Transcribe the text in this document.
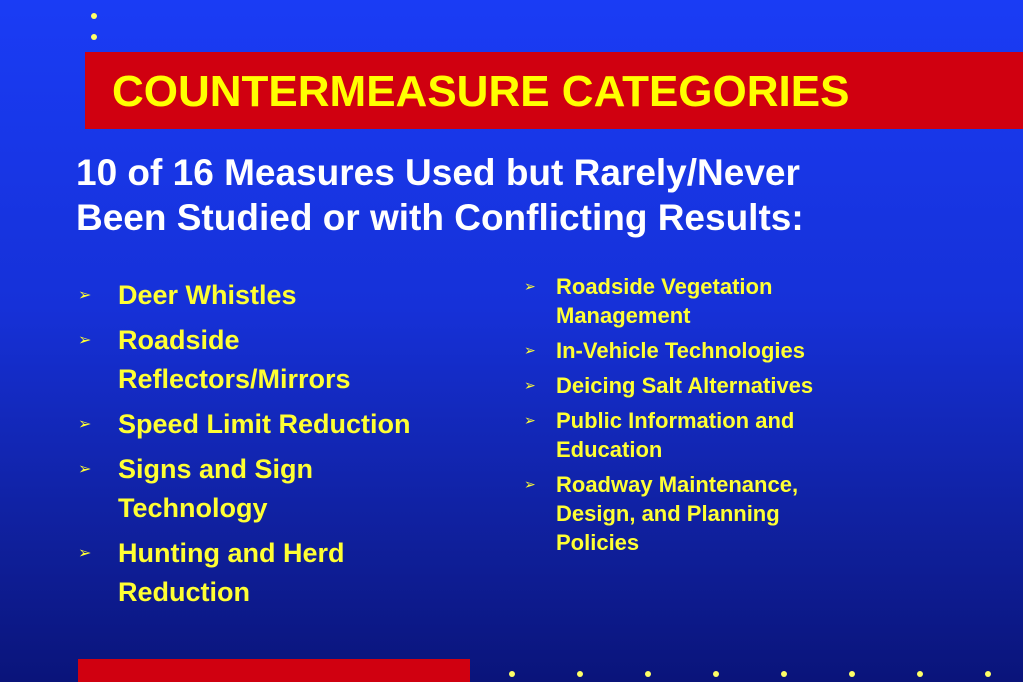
COUNTERMEASURE CATEGORIES
10 of 16 Measures Used but Rarely/Never
Been Studied or with Conflicting Results:
➢ Deer Whistles
➢ Roadside Reflectors/Mirrors
➢ Speed Limit Reduction
➢ Signs and Sign Technology
➢ Hunting and Herd Reduction
➢ Roadside Vegetation Management
➢ In-Vehicle Technologies
➢ Deicing Salt Alternatives
➢ Public Information and Education
➢ Roadway Maintenance, Design, and Planning Policies
